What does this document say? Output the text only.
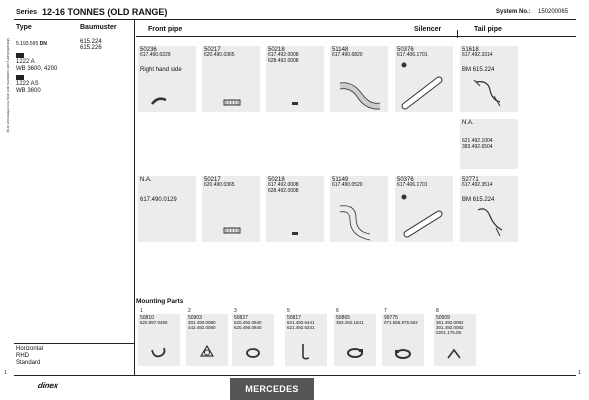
Series 12-16 TONNES (OLD RANGE)	System No.: 150200065
Type	Baumuster
5.193.595 DN	615.224
615.226
1222 A
WB 3600, 4200
1222 AS
WB 3600
Manufacture part numbers are only for reference only
Horizontal
RHD
Standard
Front pipe	Silencer	Tail pipe
50236
617.490.0229
Right hand side
50217
620.490.0365
50218
617.492.0008
628.492.0008
51148
617.490.6820
50376
617.406.1701
51618
617.492.3314
BM 615.224
N.A.
621.492.1004
383.492.6504
N.A.
617.490.0129
50217
620.490.0365
50218
617.492.0008
628.492.0008
51149
617.490.0520
50376
617.406.1701
52771
617.492.3514
BM 615.224
Mounting Parts
1
50810
620.997.0490
2
50903
302.490.0080
442.492.0080
3
50827
620.492.0840
620.490.0840
5
50817
621.492.6441
621.492.6341
6
50865
383.492.1841
7
99775
071.555.975.502
8
50909
361.492.0082
301.492.0082
0201.175.08
1	1
dinex	MERCEDES
